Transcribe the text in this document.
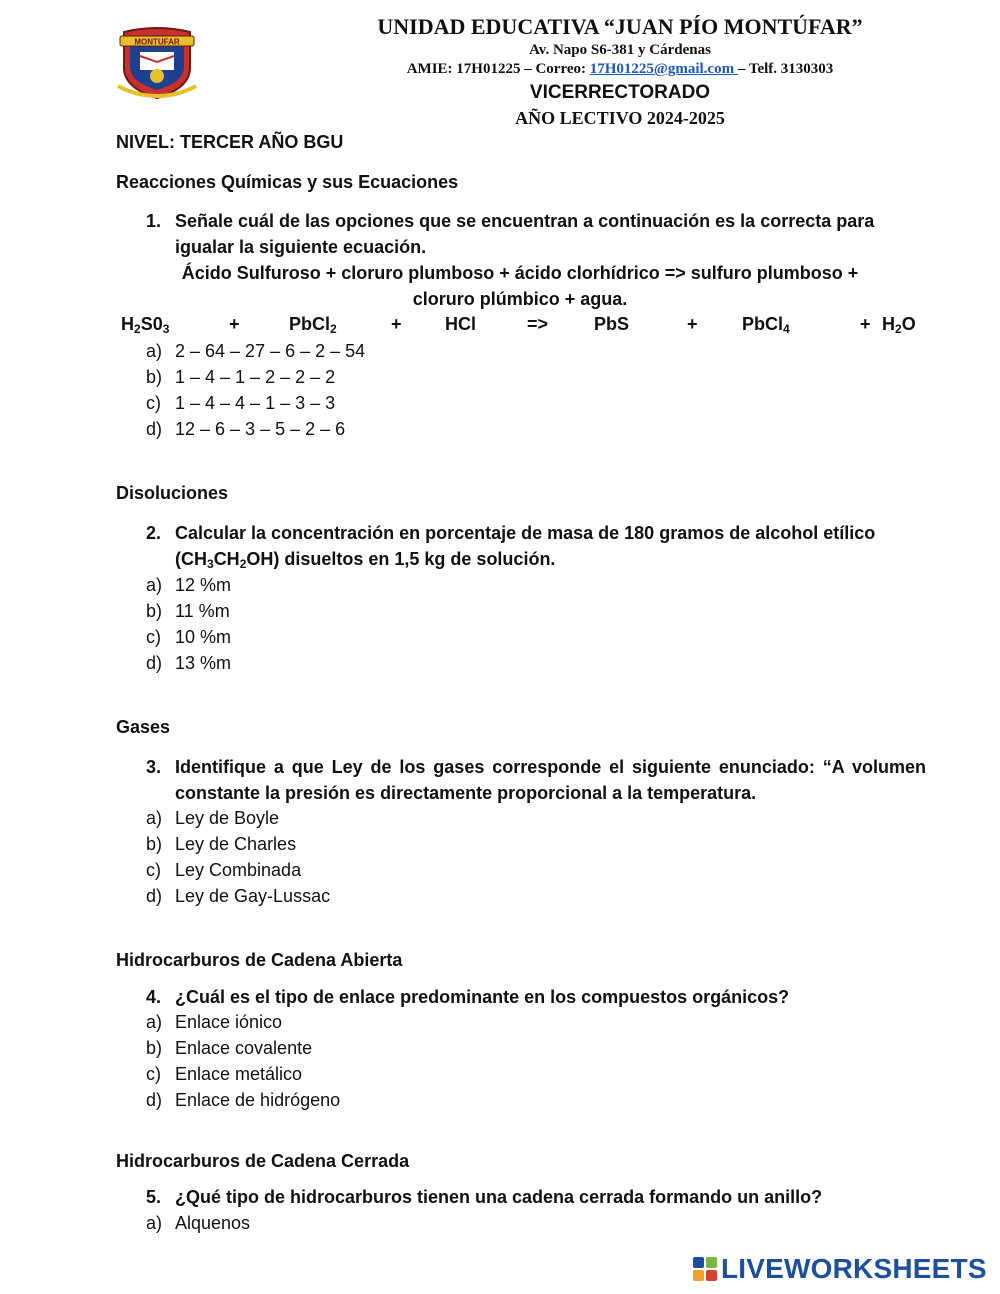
MONTUFAR
UNIDAD EDUCATIVA “JUAN PÍO MONTÚFAR”
Av. Napo S6-381 y Cárdenas
AMIE: 17H01225 – Correo: 17H01225@gmail.com – Telf. 3130303
VICERRECTORADO
AÑO LECTIVO 2024-2025
NIVEL: TERCER AÑO BGU
Reacciones Químicas y sus Ecuaciones
1. Señale cuál de las opciones que se encuentran a continuación es la correcta para igualar la siguiente ecuación.
Ácido Sulfuroso + cloruro plumboso + ácido clorhídrico => sulfuro plumboso +
cloruro plúmbico + agua.
$H_2S0_3$	+	PbCl$_2$	+ HCl	=>	PbS	+ PbCl$_4$	+ $H_2O$
a) 2 – 64 – 27 – 6 – 2 – 54
b) 1 – 4 – 1 – 2 – 2 – 2
c) 1 – 4 – 4 – 1 – 3 – 3
d) 12 – 6 – 3 – 5 – 2 – 6
Disoluciones
2. Calcular la concentración en porcentaje de masa de 180 gramos de alcohol etílico
$(CH_3CH_2OH)$ disueltos en 1,5 kg de solución.
a) 12 %m
b) 11 %m
c) 10 %m
d) 13 %m
Gases
3. Identifique a que Ley de los gases corresponde el siguiente enunciado: “A volumen constante la presión es directamente proporcional a la temperatura.
a) Ley de Boyle
b) Ley de Charles
c) Ley Combinada
d) Ley de Gay-Lussac
Hidrocarburos de Cadena Abierta
4. ¿Cuál es el tipo de enlace predominante en los compuestos orgánicos?
a) Enlace iónico
b) Enlace covalente
c) Enlace metálico
d) Enlace de hidrógeno
Hidrocarburos de Cadena Cerrada
5. ¿Qué tipo de hidrocarburos tienen una cadena cerrada formando un anillo?
a) Alquenos
LIVEWORKSHEETS
